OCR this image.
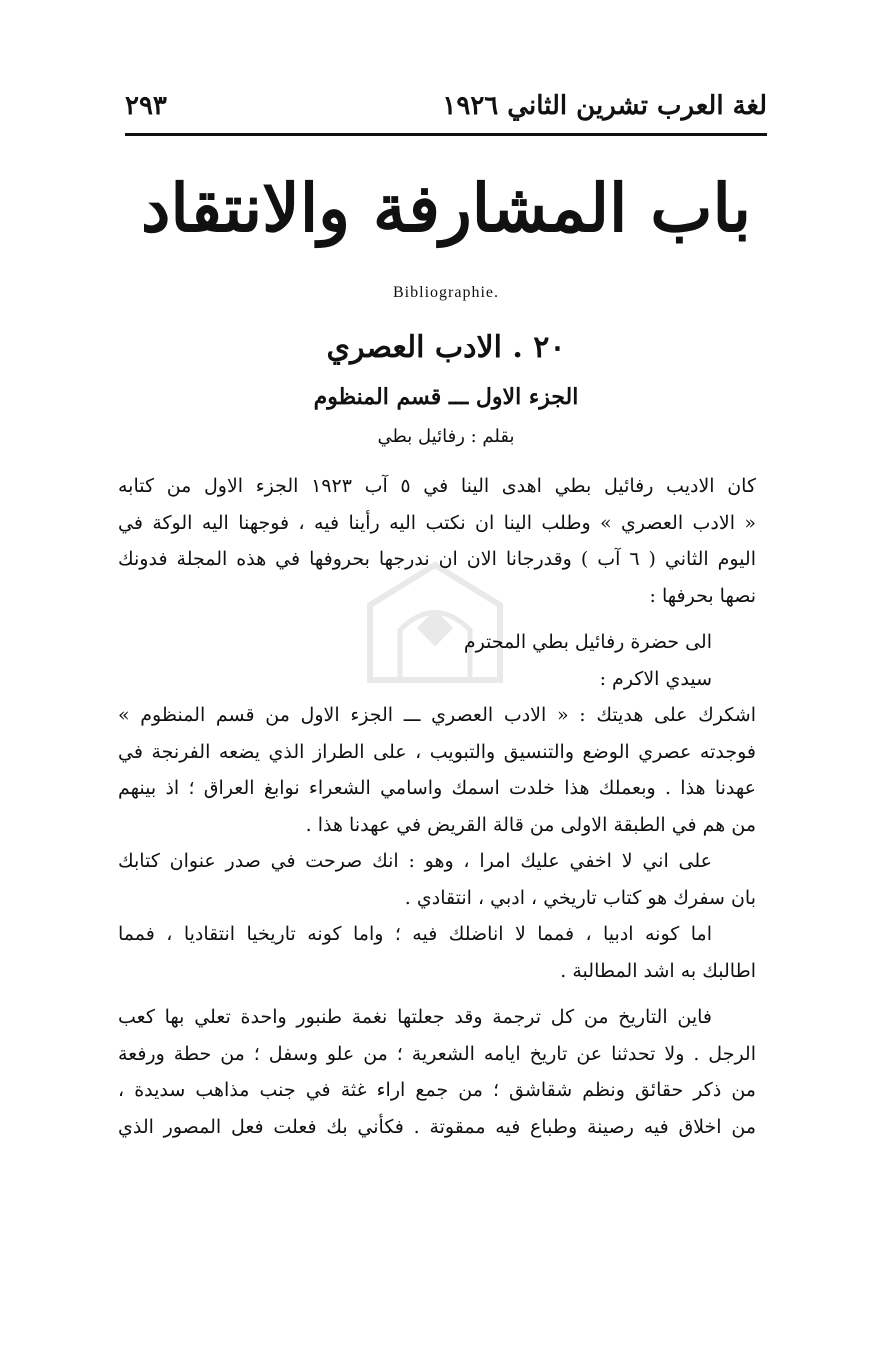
لغة العرب تشرين الثاني ١٩٢٦
٢٩٣
باب المشارفة والانتقاد
Bibliographie.
٢٠ . الادب العصري
الجزء الاول ـــ قسم المنظوم
بقلم : رفائيل بطي
كان الاديب رفائيل بطي اهدى الينا في ٥ آب ١٩٢٣ الجزء الاول من كتابه
« الادب العصري » وطلب الينا ان نكتب اليه رأينا فيه ، فوجهنا اليه الوكة في
اليوم الثاني ( ٦ آب ) وقدرجانا الان ان ندرجها بحروفها في هذه المجلة فدونك
نصها بحرفها :
الى حضرة رفائيل بطي المحترم
سيدي الاكرم :
اشكرك على هديتك : « الادب العصري ـــ الجزء الاول من قسم المنظوم »
فوجدته عصري الوضع والتنسيق والتبويب ، على الطراز الذي يضعه الفرنجة في
عهدنا هذا . وبعملك هذا خلدت اسمك واسامي الشعراء نوابغ العراق ؛ اذ بينهم
من هم في الطبقة الاولى من قالة القريض في عهدنا هذا .
على اني لا اخفي عليك امرا ، وهو : انك صرحت في صدر عنوان كتابك
بان سفرك هو كتاب تاريخي ، ادبي ، انتقادي .
اما كونه ادبيا ، فمما لا اناضلك فيه ؛ واما كونه تاريخيا انتقاديا ، فمما
اطالبك به اشد المطالبة .
فاين التاريخ من كل ترجمة وقد جعلتها نغمة طنبور واحدة تعلي بها كعب
الرجل . ولا تحدثنا عن تاريخ ايامه الشعرية ؛ من علو وسفل ؛ من حطة ورفعة
من ذكر حقائق ونظم شقاشق ؛ من جمع اراء غثة في جنب مذاهب سديدة ،
من اخلاق فيه رصينة وطباع فيه ممقوتة . فكأني بك فعلت فعل المصور الذي
